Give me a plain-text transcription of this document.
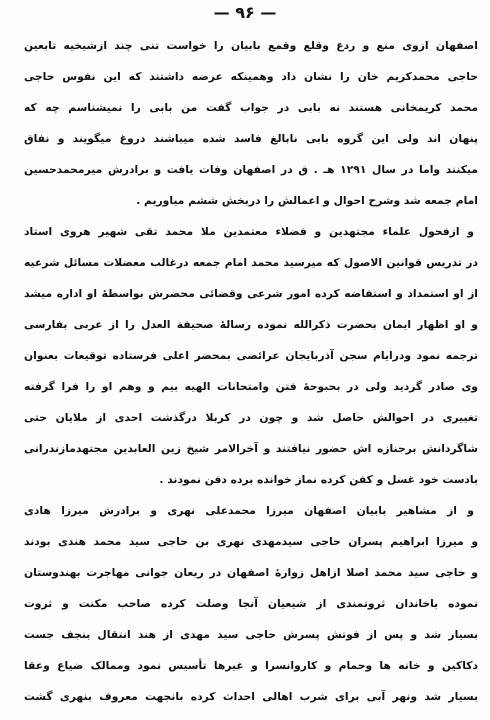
— ۹۶ —
اصفهان ازوی منع و ردع وقلع وقمع بابیان را خواست تنی چند ازشیخیه تابعین
حاجی محمدکریم خان را نشان داد وهمینکه عرضه داشتند که این نفوس حاجی
محمد کریمخانی هستند نه بابی در جواب گفت من بابی را نمیشناسم چه که
پنهان اند ولی این گروه بابی نابالغ فاسد شده میباشند دروغ میگویند و نفاق
میکنند واما در سال ۱۲۹۱ هـ . ق در اصفهان وفات یافت و برادرش میرمحمدحسین
امام جمعه شد وشرح احوال و اعمالش را دربخش ششم میاوریم .
و ازفحول علماء مجتهدین و فضلاء معتمدین ملا محمد تقی شهیر هروی استاد
در تدریس قوانین الاصول که میرسید محمد امام جمعه درغالب معضلات مسائل شرعیه
از او استمداد و استفاضه کرده امور شرعی وقضائی محضرش بواسطهٔ او اداره میشد
و او اظهار ایمان بحضرت ذکرالله نموده رسالهٔ صحیفة العدل را از عربی بفارسی
ترجمه نمود ودرایام سجن آذربایجان عرائضی بمحضر اعلی فرستاده توقیعات بعنوان
وی صادر گردید ولی در بحبوحهٔ فتن وامتحانات الهیه بیم و وهم او را فرا گرفته
تغییری در احوالش حاصل شد و چون در کربلا درگذشت احدی از ملایان حتی
شاگردانش برجنازه اش حضور نیافتند و آخرالامر شیخ زین العابدین مجتهدمازندرانی
بادست خود غسل و کفن کرده نماز خوانده برده دفن نمودند .
و از مشاهیر بابیان اصفهان میرزا محمدعلی نهری و برادرش میرزا هادی
و میرزا ابراهیم پسران حاجی سیدمهدی نهری بن حاجی سید محمد هندی بودند
و حاجی سید محمد اصلا ازاهل زوارهٔ اصفهان در ریعان جوانی مهاجرت بهندوستان
نموده باخاندان ثروتمندی از شیعیان آنجا وصلت کرده صاحب مکنت و ثروت
بسیار شد و پس از فوتش پسرش حاجی سید مهدی از هند انتقال بنجف جست
دکاکین و خانه ها وحمام و کاروانسرا و غیرها تأسیس نمود وممالک ضیاع وعقا
بسیار شد ونهر آبی برای شرب اهالی احداث کرده بانجهت معروف بنهری گشت
